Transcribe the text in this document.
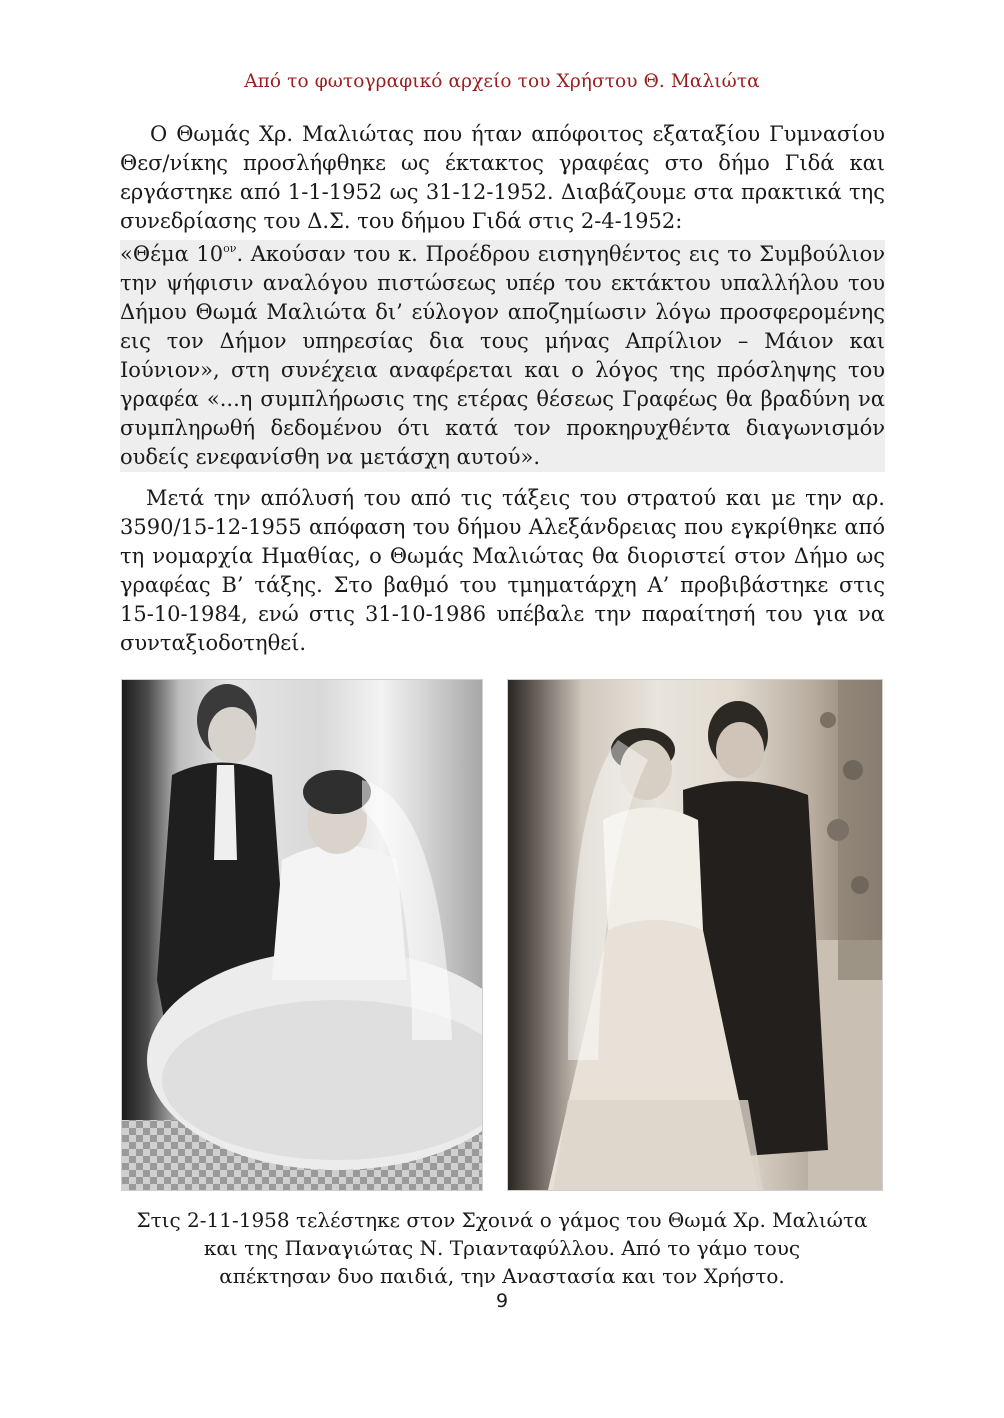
Από το φωτογραφικό αρχείο του Χρήστου Θ. Μαλιώτα

Ο Θωμάς Χρ. Μαλιώτας που ήταν απόφοιτος εξαταξίου Γυμνασίου Θεσ/νίκης προσλήφθηκε ως έκτακτος γραφέας στο δήμο Γιδά και εργάστηκε από 1-1-1952 ως 31-12-1952. Διαβάζουμε στα πρακτικά της συνεδρίασης του Δ.Σ. του δήμου Γιδά στις 2-4-1952:

«Θέμα $10^{o\nu}$. Ακούσαν του κ. Προέδρου εισηγηθέντος εις το Συμβούλιον την ψήφισιν αναλόγου πιστώσεως υπέρ του εκτάκτου υπαλλήλου του Δήμου Θωμά Μαλιώτα δι’ εύλογον αποζημίωσιν λόγω προσφερομένης εις τον Δήμον υπηρεσίας δια τους μήνας Απρίλιον – Μάιον και Ιούνιον», στη συνέχεια αναφέρεται και ο λόγος της πρόσληψης του γραφέα «...η συμπλήρωσις της ετέρας θέσεως Γραφέως θα βραδύνη να συμπληρωθή δεδομένου ότι κατά τον προκηρυχθέντα διαγωνισμόν ουδείς ενεφανίσθη να μετάσχη αυτού».

Μετά την απόλυσή του από τις τάξεις του στρατού και με την αρ. 3590/15-12-1955 απόφαση του δήμου Αλεξάνδρειας που εγκρίθηκε από τη νομαρχία Ημαθίας, ο Θωμάς Μαλιώτας θα διοριστεί στον Δήμο ως γραφέας Β’ τάξης. Στο βαθμό του τμηματάρχη Α’ προβιβάστηκε στις 15-10-1984, ενώ στις 31-10-1986 υπέβαλε την παραίτησή του για να συνταξιοδοτηθεί.

Στις 2-11-1958 τελέστηκε στον Σχοινά ο γάμος του Θωμά Χρ. Μαλιώτα
και της Παναγιώτας Ν. Τριανταφύλλου. Από το γάμο τους
απέκτησαν δυο παιδιά, την Αναστασία και τον Χρήστο.
9
